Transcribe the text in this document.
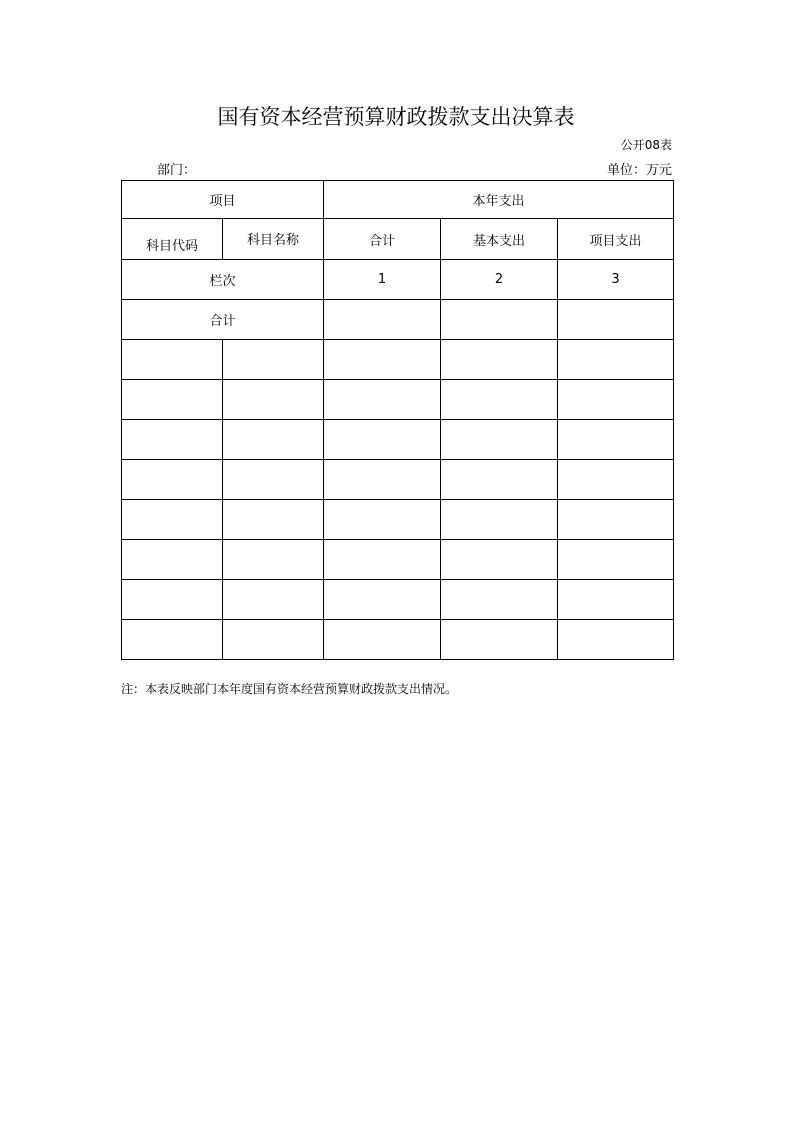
国有资本经营预算财政拨款支出决算表
公开08表
部门：	单位：万元
项目		本年支出		

科目代码	科目名称	合计	基本支出	项目支出
栏次		1	2	3
合计				

注：本表反映部门本年度国有资本经营预算财政拨款支出情况。
